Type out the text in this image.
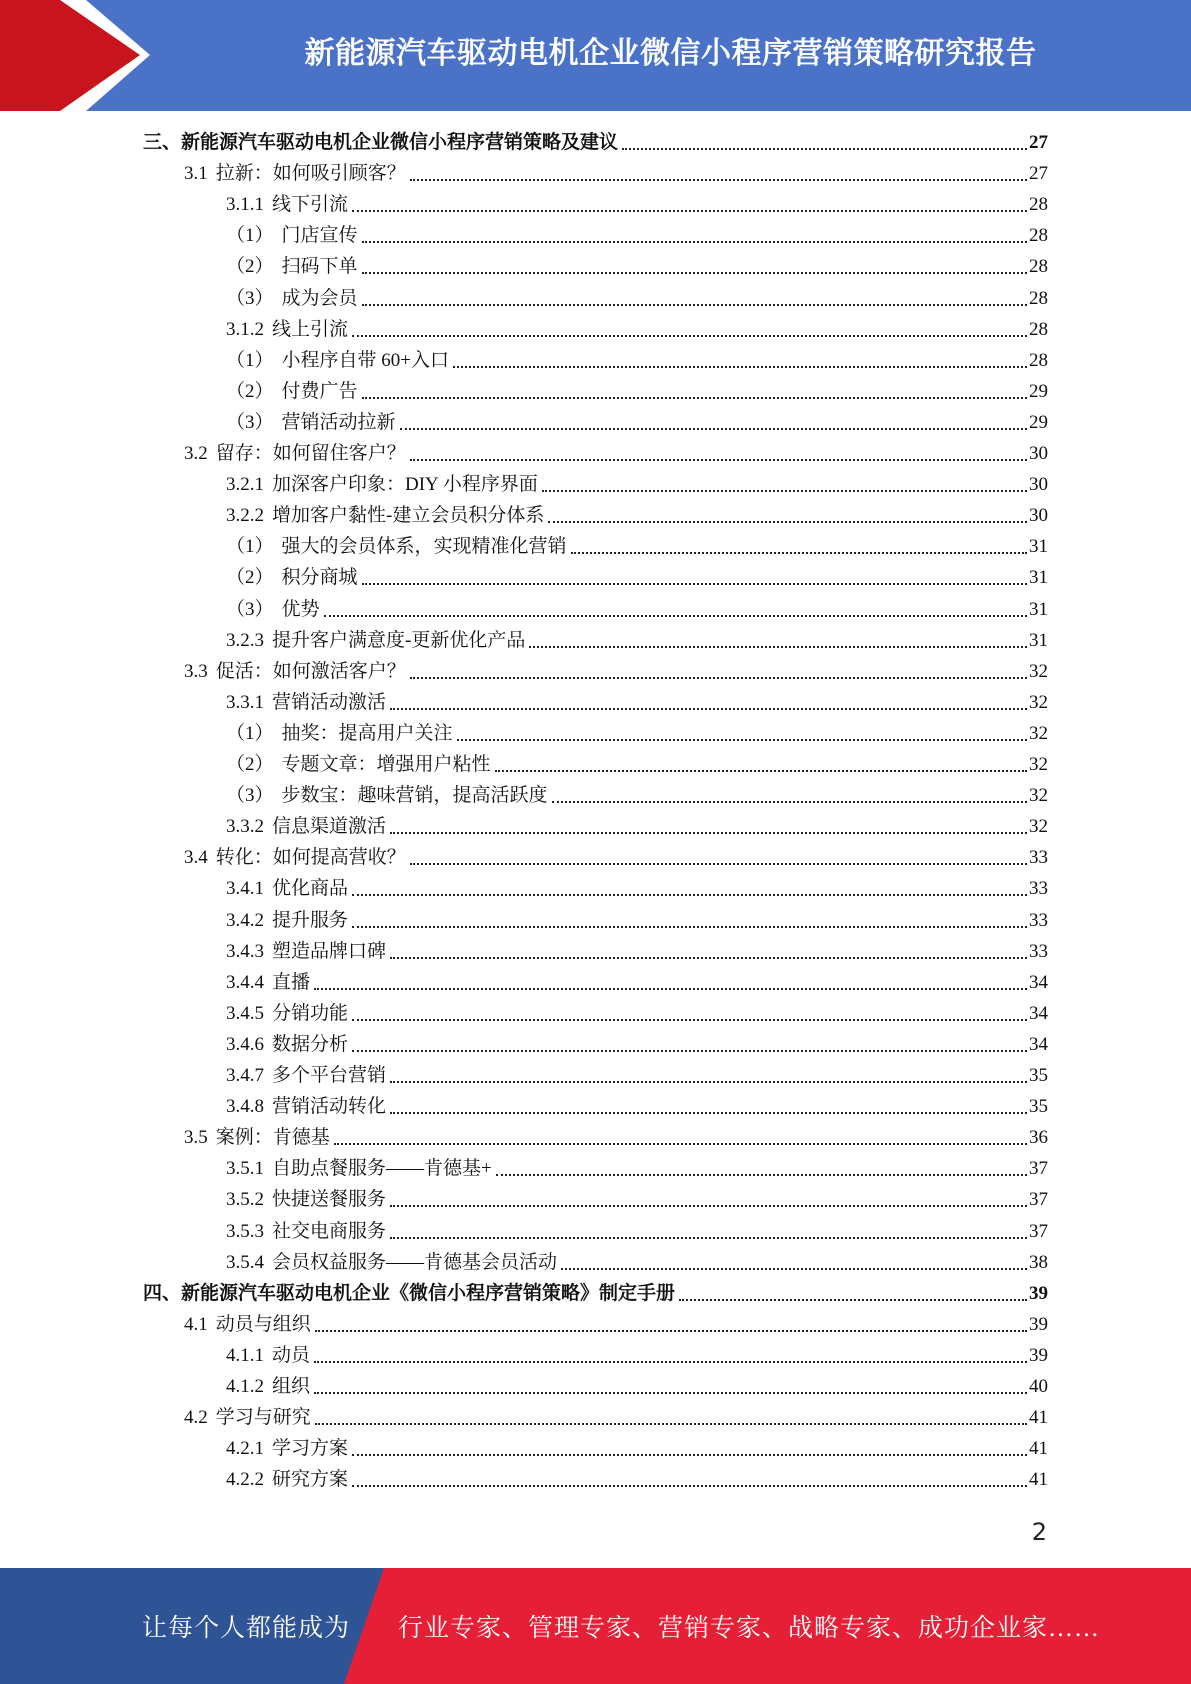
新能源汽车驱动电机企业微信小程序营销策略研究报告
三、 新能源汽车驱动电机企业微信小程序营销策略及建议	27
3.1 拉新：如何吸引顾客？	27
3.1.1 线下引流	28
（1） 门店宣传	28
（2） 扫码下单	28
（3） 成为会员	28
3.1.2 线上引流	28
（1） 小程序自带 60+入口	28
（2） 付费广告	29
（3） 营销活动拉新	29
3.2 留存：如何留住客户？	30
3.2.1 加深客户印象：DIY 小程序界面	30
3.2.2 增加客户黏性-建立会员积分体系	30
（1） 强大的会员体系，实现精准化营销	31
（2） 积分商城	31
（3） 优势	31
3.2.3 提升客户满意度-更新优化产品	31
3.3 促活：如何激活客户？	32
3.3.1 营销活动激活	32
（1） 抽奖：提高用户关注	32
（2） 专题文章：增强用户粘性	32
（3） 步数宝：趣味营销，提高活跃度	32
3.3.2 信息渠道激活	32
3.4 转化：如何提高营收？	33
3.4.1 优化商品	33
3.4.2 提升服务	33
3.4.3 塑造品牌口碑	33
3.4.4 直播	34
3.4.5 分销功能	34
3.4.6 数据分析	34
3.4.7 多个平台营销	35
3.4.8 营销活动转化	35
3.5 案例：肯德基	36
3.5.1 自助点餐服务——肯德基+	37
3.5.2 快捷送餐服务	37
3.5.3 社交电商服务	37
3.5.4 会员权益服务——肯德基会员活动	38
四、 新能源汽车驱动电机企业《微信小程序营销策略》制定手册	39
4.1 动员与组织	39
4.1.1 动员	39
4.1.2 组织	40
4.2 学习与研究	41
4.2.1 学习方案	41
4.2.2 研究方案	41
2
让每个人都能成为 行业专家、管理专家、营销专家、战略专家、成功企业家……
